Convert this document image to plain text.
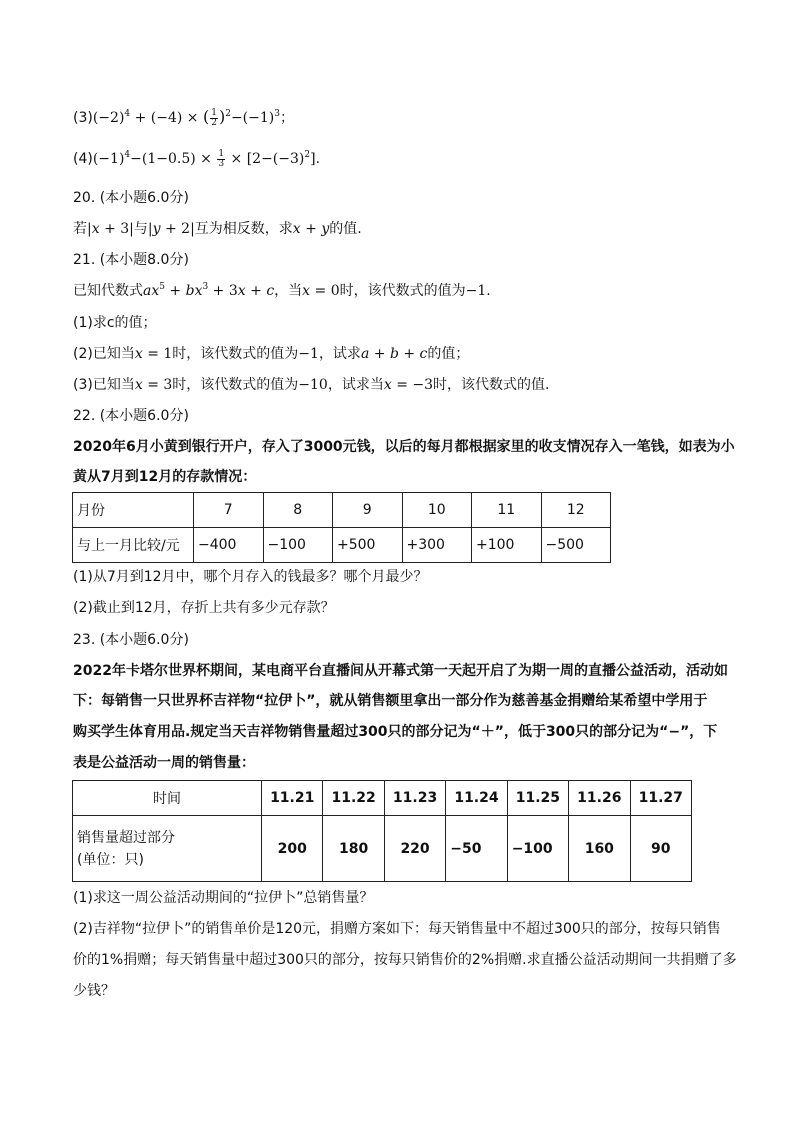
$(3)(-2)^4 + (-4)$ × ( $\frac{1}{2} )^2-(-1)^3$；
$(4)(-1)^4-(1-0.5) \times \frac{1}{3} \times [2-(-3)^2]$.
20. (本小题6.0分)
若|x + 3|与|y + 2|互为相反数，求x + y的值.
21. (本小题8.0分)
已知代数式$ax^5 + bx^3 + 3x + c$，当x = 0时，该代数式的值为−1.
(1)求c的值；
(2)已知当x = 1时，该代数式的值为−1，试求a + b + c的值；
(3)已知当x = 3时，该代数式的值为−10，试求当x = −3时，该代数式的值.
22. (本小题6.0分)
2020年6月小黄到银行开户，存入了3000元钱，以后的每月都根据家里的收支情况存入一笔钱，如表为小
黄从7月到12月的存款情况：
月份	7	8	9	10	11	12
与上一月比较/元	−400	−100	+500	+300	+100	−500
(1)从7月到12月中，哪个月存入的钱最多？哪个月最少？
(2)截止到12月，存折上共有多少元存款？
23. (本小题6.0分)
2022年卡塔尔世界杯期间，某电商平台直播间从开幕式第一天起开启了为期一周的直播公益活动，活动如
下：每销售一只世界杯吉祥物“拉伊卜”，就从销售额里拿出一部分作为慈善基金捐赠给某希望中学用于
购买学生体育用品.规定当天吉祥物销售量超过300只的部分记为“＋”，低于300只的部分记为“−”，下
表是公益活动一周的销售量：
时间	11.21	11.22	11.23	11.24	11.25	11.26	11.27

销售量超过部分
(单位：只)	200	180	220	−50	−100	160	90
(1)求这一周公益活动期间的“拉伊卜”总销售量？
(2)吉祥物“拉伊卜”的销售单价是120元，捐赠方案如下：每天销售量中不超过300只的部分，按每只销售
价的1%捐赠；每天销售量中超过300只的部分，按每只销售价的2%捐赠.求直播公益活动期间一共捐赠了多
少钱？
